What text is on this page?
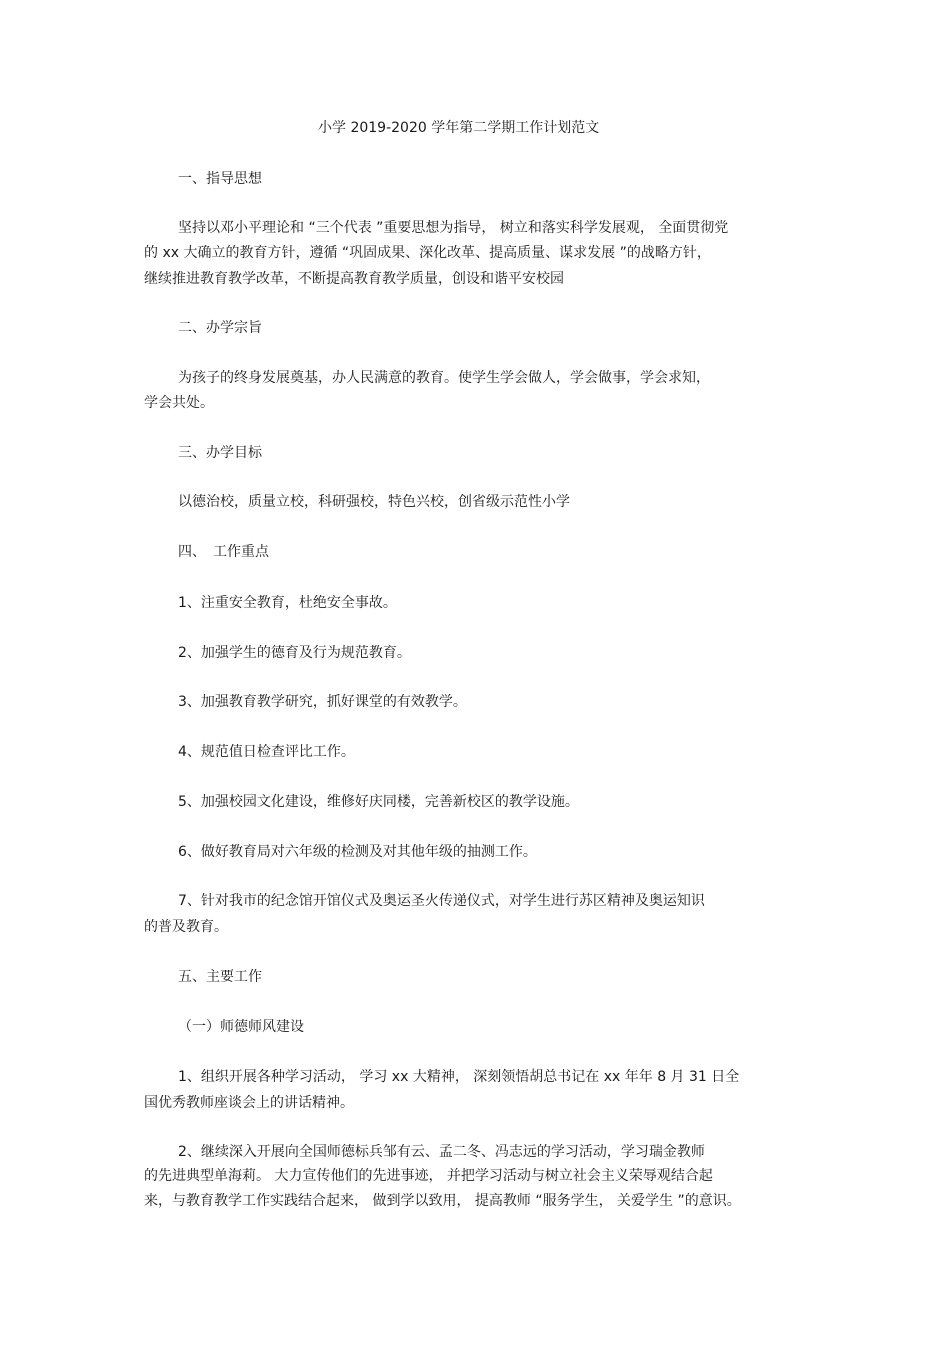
小学 2019-2020 学年第二学期工作计划范文
一、指导思想
坚持以邓小平理论和 “三个代表 ”重要思想为指导， 树立和落实科学发展观， 全面贯彻党
的 xx 大确立的教育方针，遵循 “巩固成果、深化改革、提高质量、谋求发展 ”的战略方针，
继续推进教育教学改革，不断提高教育教学质量，创设和谐平安校园
二、办学宗旨
为孩子的终身发展奠基，办人民满意的教育。使学生学会做人，学会做事，学会求知，
学会共处。
三、办学目标
以德治校，质量立校，科研强校，特色兴校，创省级示范性小学
四、　工作重点
1、注重安全教育，杜绝安全事故。
2、加强学生的德育及行为规范教育。
3、加强教育教学研究，抓好课堂的有效教学。
4、规范值日检查评比工作。
5、加强校园文化建设，维修好庆同楼，完善新校区的教学设施。
6、做好教育局对六年级的检测及对其他年级的抽测工作。
7、针对我市的纪念馆开馆仪式及奥运圣火传递仪式，对学生进行苏区精神及奥运知识
的普及教育。
五、主要工作
（一）师德师风建设
1、组织开展各种学习活动， 学习 xx 大精神， 深刻领悟胡总书记在 xx 年年 8 月 31 日全
国优秀教师座谈会上的讲话精神。
2、继续深入开展向全国师德标兵邹有云、孟二冬、冯志远的学习活动，学习瑞金教师
的先进典型单海莉。 大力宣传他们的先进事迹， 并把学习活动与树立社会主义荣辱观结合起
来，与教育教学工作实践结合起来， 做到学以致用， 提高教师 “服务学生， 关爱学生 ”的意识。
